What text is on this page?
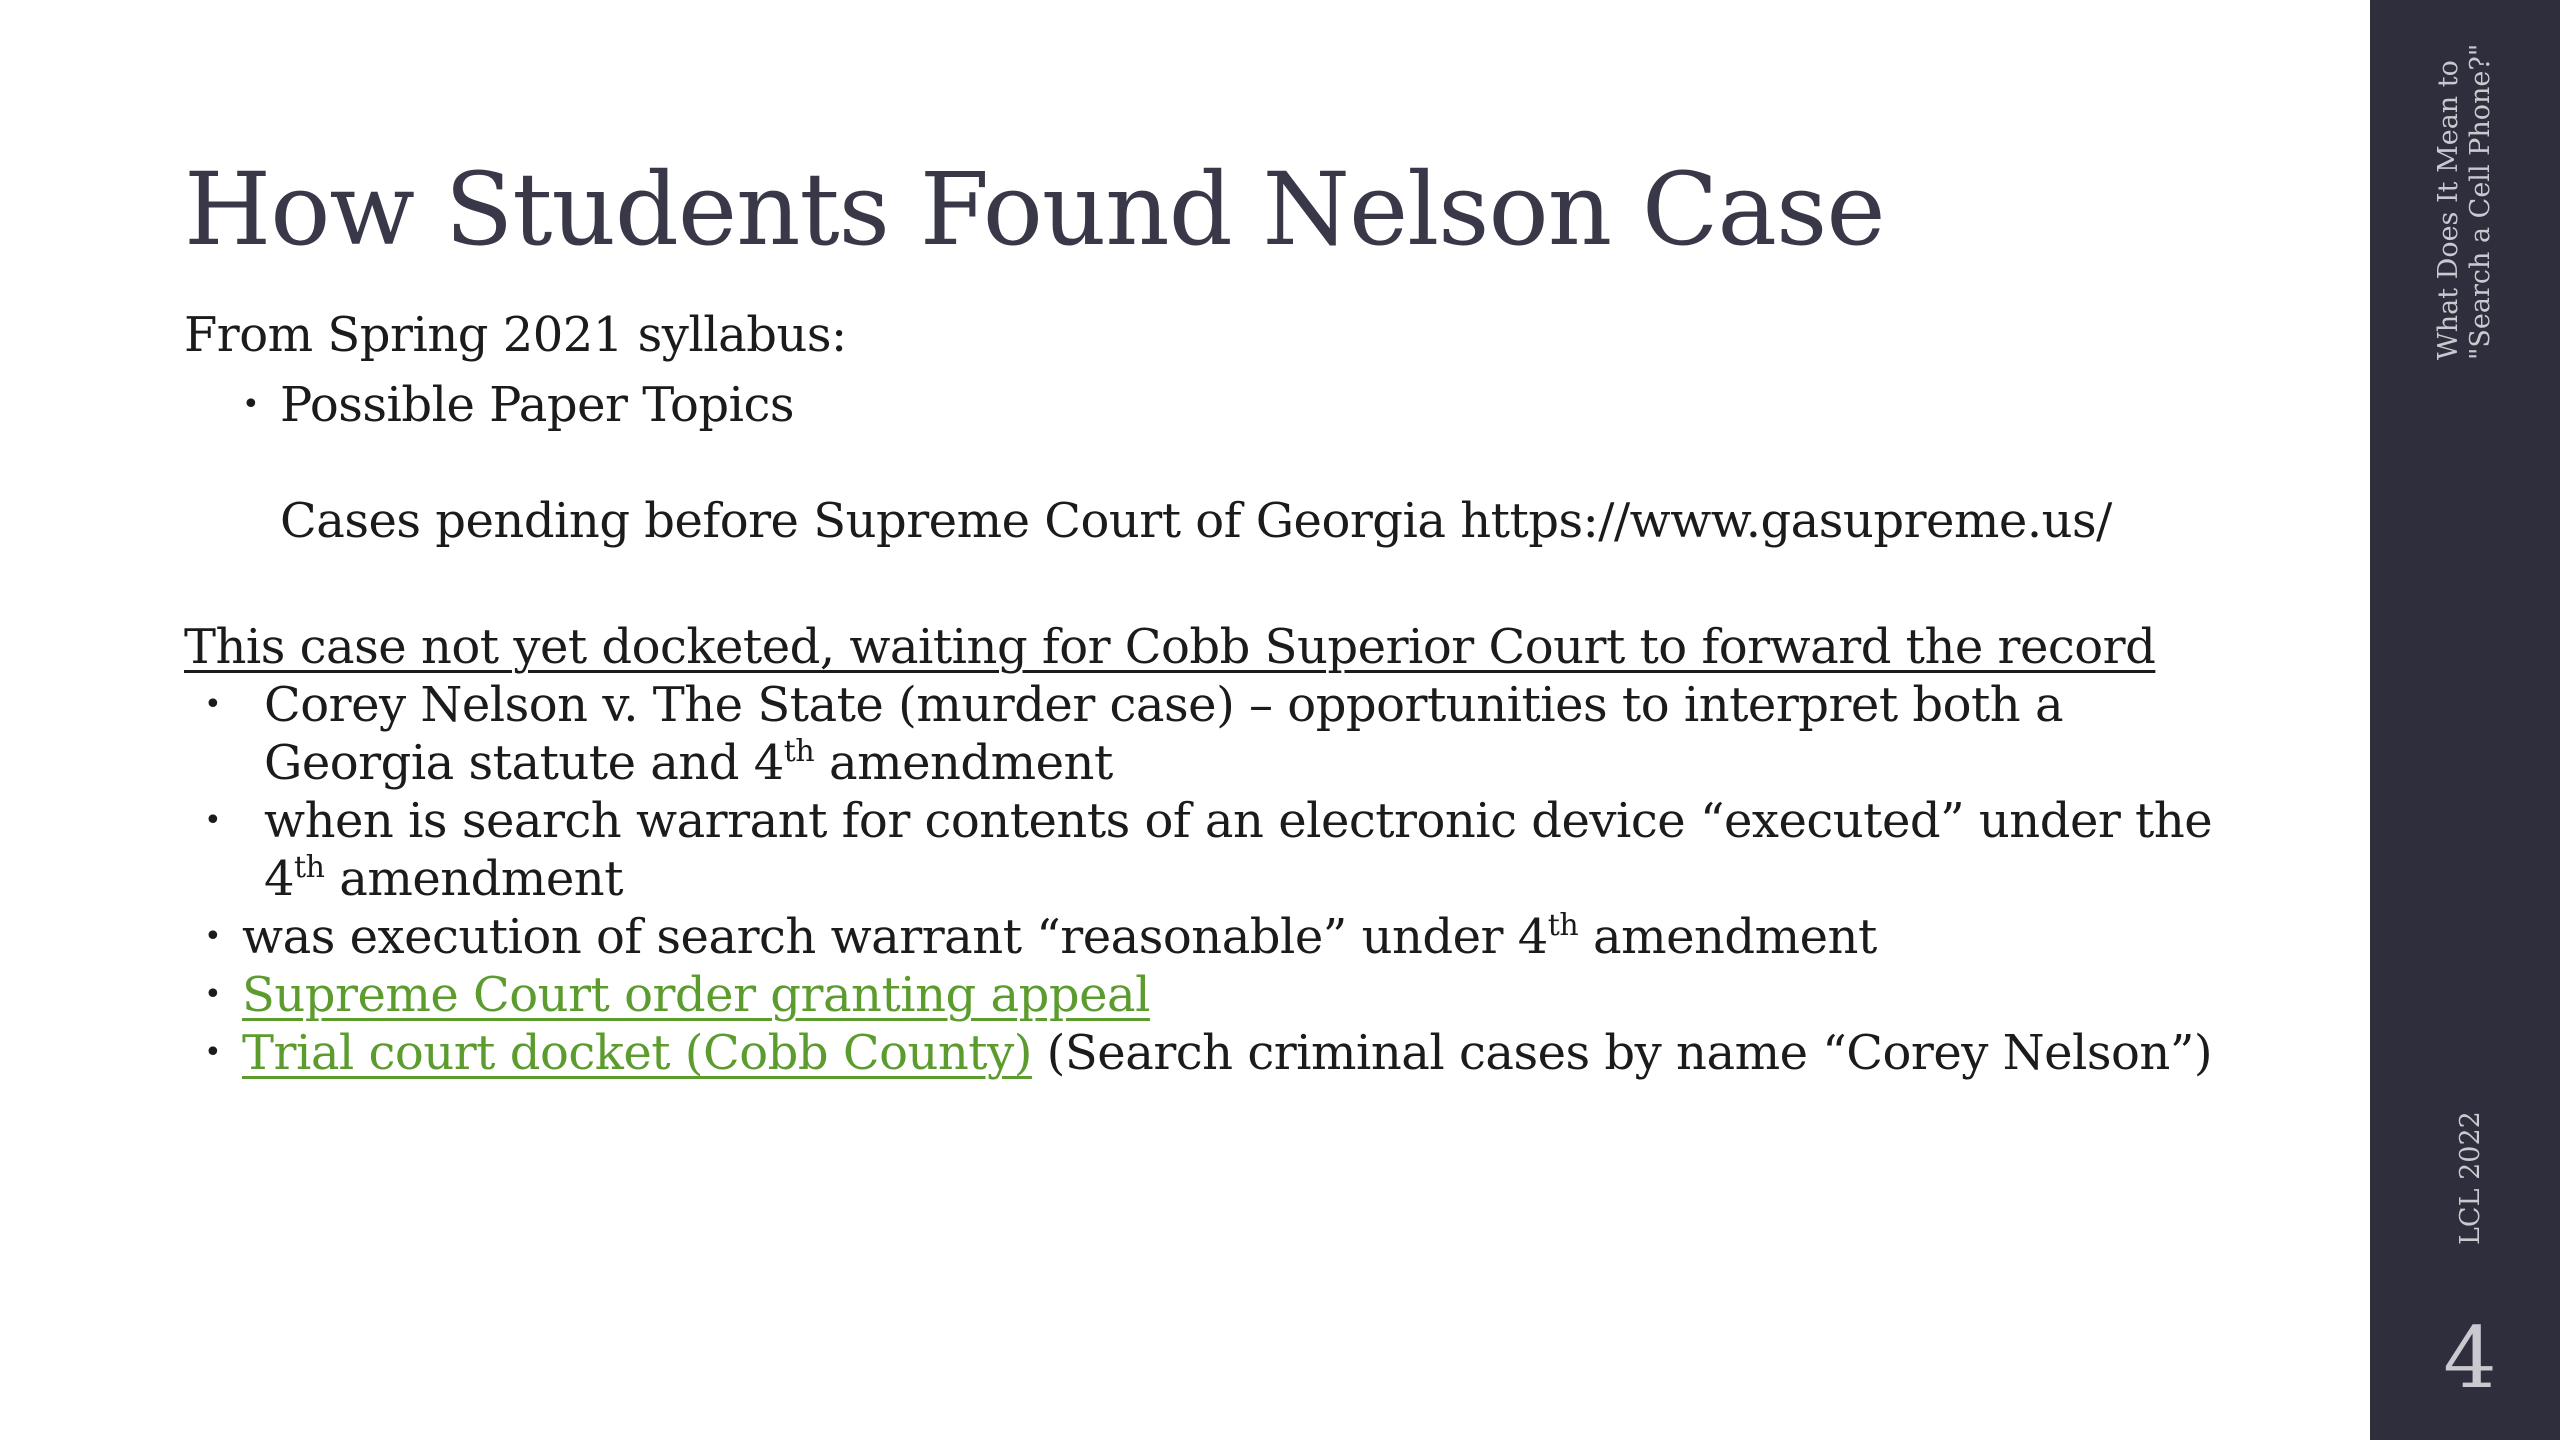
How Students Found Nelson Case

From Spring 2021 syllabus:

• Possible Paper Topics
Cases pending before Supreme Court of Georgia https://www.gasupreme.us/
This case not yet docketed, waiting for Cobb Superior Court to forward the record
• Corey Nelson v. The State (murder case) – opportunities to interpret both a Georgia statute and 4th amendment
• when is search warrant for contents of an electronic device “executed” under the 4th amendment
• was execution of search warrant “reasonable” under 4th amendment
• Supreme Court order granting appeal
• Trial court docket (Cobb County) (Search criminal cases by name “Corey Nelson”)
What Does It Mean to "Search a Cell Phone?"
LCL 2022
4
